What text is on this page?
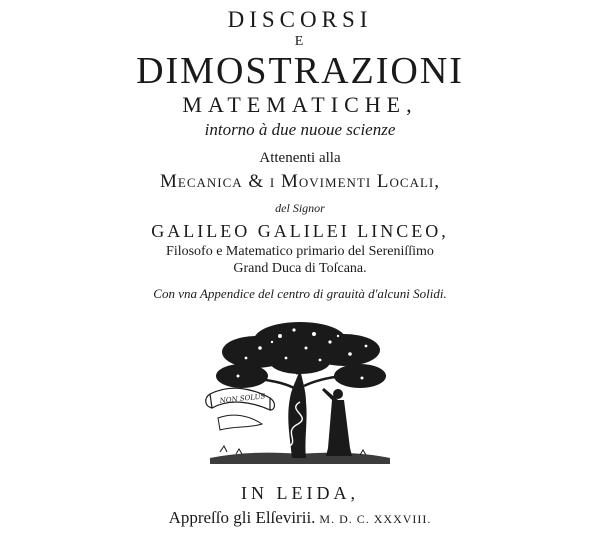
DISCORSI
E
DIMOSTRAZIONI
MATEMATICHE,
intorno à due nuoue scienze
Attenenti alla
Mecanica & i Movimenti Locali,
del Signor
GALILEO GALILEI LINCEO,
Filosofo e Matematico primario del Sereniſſimo
Grand Duca di Toſcana.
Con vna Appendice del centro di grauità d'alcuni Solidi.
NON SOLUS
IN LEIDA,
Appreſſo gli Elſevirii. M. D. C. XXXVIII.
